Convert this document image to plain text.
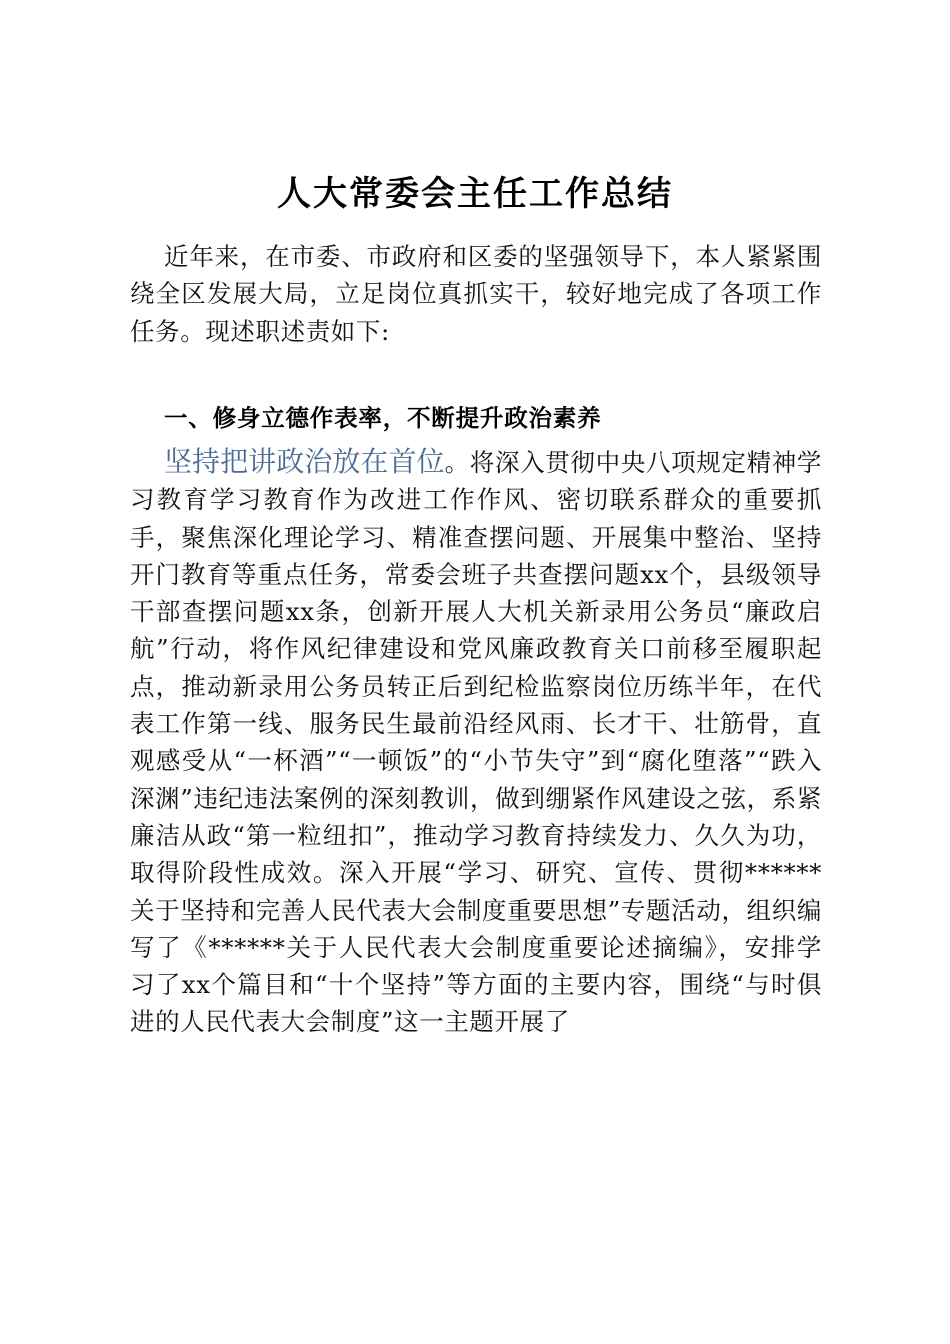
人大常委会主任工作总结

近年来，在市委、市政府和区委的坚强领导下，本人紧紧围绕全区发展大局，立足岗位真抓实干，较好地完成了各项工作任务。现述职述责如下:

一、修身立德作表率，不断提升政治素养

坚持把讲政治放在首位。将深入贯彻中央八项规定精神学习教育学习教育作为改进工作作风、密切联系群众的重要抓手，聚焦深化理论学习、精准查摆问题、开展集中整治、坚持开门教育等重点任务，常委会班子共查摆问题xx个，县级领导干部查摆问题xx条，创新开展人大机关新录用公务员“廉政启航”行动，将作风纪律建设和党风廉政教育关口前移至履职起点，推动新录用公务员转正后到纪检监察岗位历练半年，在代表工作第一线、服务民生最前沿经风雨、长才干、壮筋骨，直观感受从“一杯酒”“一顿饭”的“小节失守”到“腐化堕落”“跌入深渊”违纪违法案例的深刻教训，做到绷紧作风建设之弦，系紧廉洁从政“第一粒纽扣”，推动学习教育持续发力、久久为功，取得阶段性成效。深入开展“学习、研究、宣传、贯彻******关于坚持和完善人民代表大会制度重要思想”专题活动，组织编写了《******关于人民代表大会制度重要论述摘编》，安排学习了xx个篇目和“十个坚持”等方面的主要内容，围绕“与时俱进的人民代表大会制度”这一主题开展了
